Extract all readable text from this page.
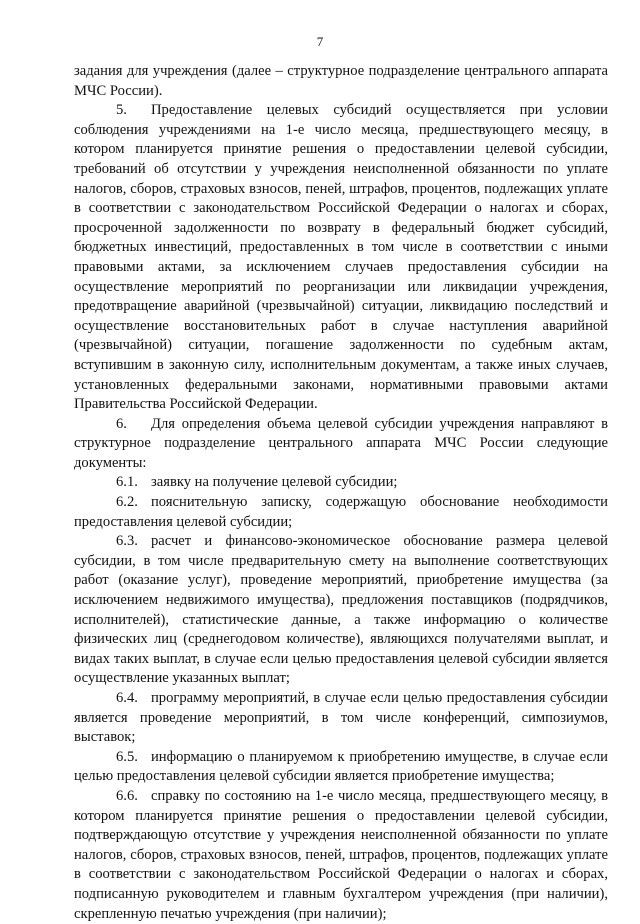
7

задания для учреждения (далее – структурное подразделение центрального аппарата МЧС России).

5. Предоставление целевых субсидий осуществляется при условии соблюдения учреждениями на 1-е число месяца, предшествующего месяцу, в котором планируется принятие решения о предоставлении целевой субсидии, требований об отсутствии у учреждения неисполненной обязанности по уплате налогов, сборов, страховых взносов, пеней, штрафов, процентов, подлежащих уплате в соответствии с законодательством Российской Федерации о налогах и сборах, просроченной задолженности по возврату в федеральный бюджет субсидий, бюджетных инвестиций, предоставленных в том числе в соответствии с иными правовыми актами, за исключением случаев предоставления субсидии на осуществление мероприятий по реорганизации или ликвидации учреждения, предотвращение аварийной (чрезвычайной) ситуации, ликвидацию последствий и осуществление восстановительных работ в случае наступления аварийной (чрезвычайной) ситуации, погашение задолженности по судебным актам, вступившим в законную силу, исполнительным документам, а также иных случаев, установленных федеральными законами, нормативными правовыми актами Правительства Российской Федерации.

6. Для определения объема целевой субсидии учреждения направляют в структурное подразделение центрального аппарата МЧС России следующие документы:

6.1. заявку на получение целевой субсидии;

6.2. пояснительную записку, содержащую обоснование необходимости предоставления целевой субсидии;

6.3. расчет и финансово-экономическое обоснование размера целевой субсидии, в том числе предварительную смету на выполнение соответствующих работ (оказание услуг), проведение мероприятий, приобретение имущества (за исключением недвижимого имущества), предложения поставщиков (подрядчиков, исполнителей), статистические данные, а также информацию о количестве физических лиц (среднегодовом количестве), являющихся получателями выплат, и видах таких выплат, в случае если целью предоставления целевой субсидии является осуществление указанных выплат;

6.4. программу мероприятий, в случае если целью предоставления субсидии является проведение мероприятий, в том числе конференций, симпозиумов, выставок;

6.5. информацию о планируемом к приобретению имуществе, в случае если целью предоставления целевой субсидии является приобретение имущества;

6.6. справку по состоянию на 1-е число месяца, предшествующего месяцу, в котором планируется принятие решения о предоставлении целевой субсидии, подтверждающую отсутствие у учреждения неисполненной обязанности по уплате налогов, сборов, страховых взносов, пеней, штрафов, процентов, подлежащих уплате в соответствии с законодательством Российской Федерации о налогах и сборах, подписанную руководителем и главным бухгалтером учреждения (при наличии), скрепленную печатью учреждения (при наличии);
